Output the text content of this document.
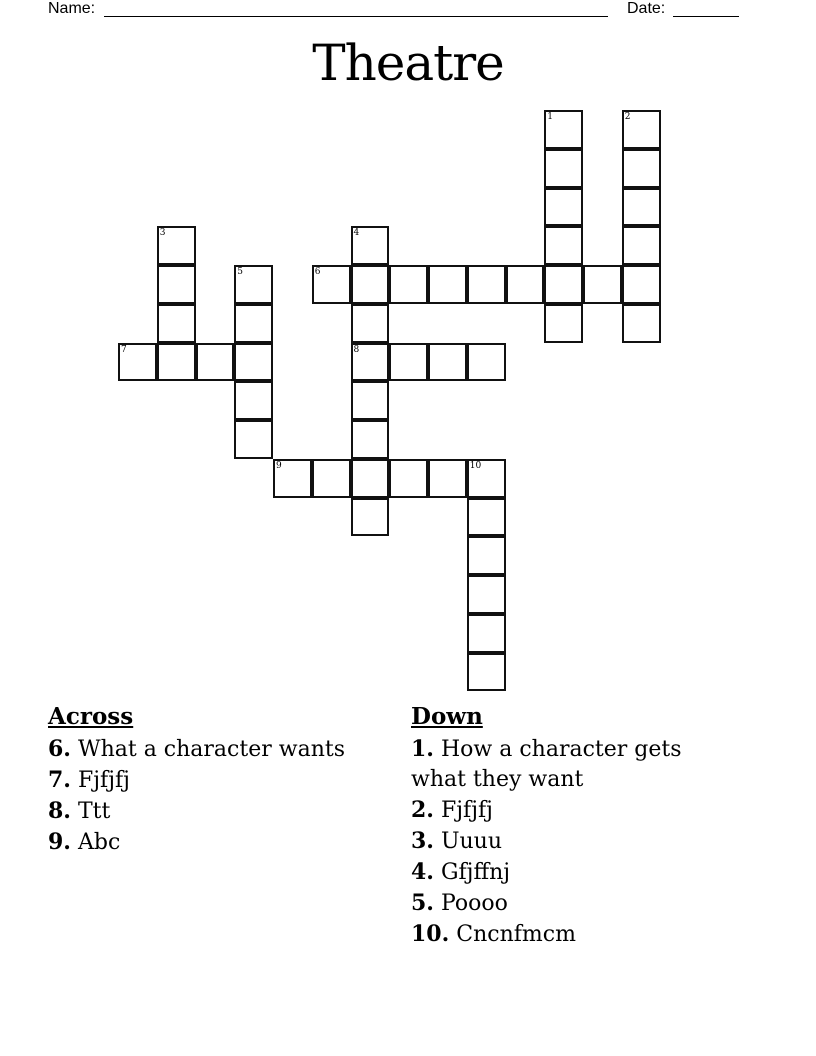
Name:	Date:
Theatre
1	2
3	4
8
5	6
7
9	10
Across

6. What a character wants

7. Fjfjfj

8. Ttt

9. Abc

Down

1. How a character gets what they want

2. Fjfjfj

3. Uuuu

4. Gfjffnj

5. Poooo

10. Cncnfmcm
